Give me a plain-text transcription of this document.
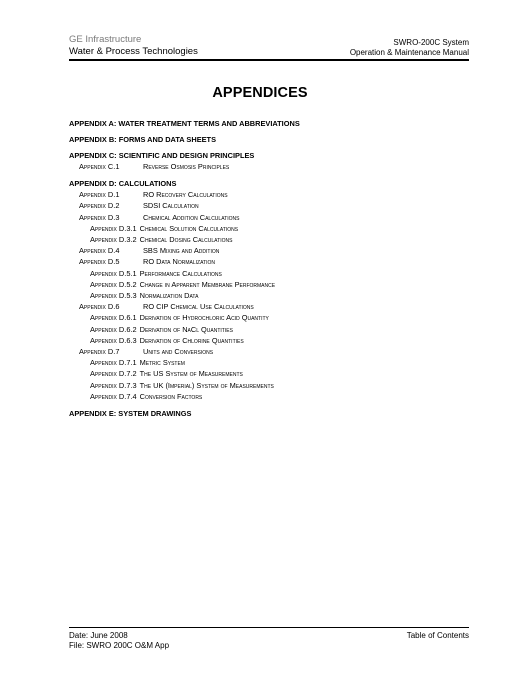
GE Infrastructure
Water & Process Technologies
SWRO-200C System
Operation & Maintenance Manual
APPENDICES
APPENDIX A: WATER TREATMENT TERMS AND ABBREVIATIONS
APPENDIX B: FORMS AND DATA SHEETS
APPENDIX C: SCIENTIFIC AND DESIGN PRINCIPLES
Appendix C.1	Reverse Osmosis Principles
APPENDIX D: CALCULATIONS
Appendix D.1	RO Recovery Calculations
Appendix D.2	SDSI Calculation
Appendix D.3	Chemical Addition Calculations
Appendix D.3.1 Chemical Solution Calculations
Appendix D.3.2 Chemical Dosing Calculations
Appendix D.4	SBS Mixing and Addition
Appendix D.5	RO Data Normalization
Appendix D.5.1 Performance Calculations
Appendix D.5.2 Change in Apparent Membrane Performance
Appendix D.5.3 Normalization Data
Appendix D.6	RO CIP Chemical Use Calculations
Appendix D.6.1 Derivation of Hydrochloric Acid Quantity
Appendix D.6.2 Derivation of NaCl Quantities
Appendix D.6.3 Derivation of Chlorine Quantities
Appendix D.7	Units and Conversions
Appendix D.7.1 Metric System
Appendix D.7.2 The US System of Measurements
Appendix D.7.3 The UK (Imperial) System of Measurements
Appendix D.7.4 Conversion Factors
APPENDIX E: SYSTEM DRAWINGS
Date: June 2008
File: SWRO 200C O&M App
Table of Contents
